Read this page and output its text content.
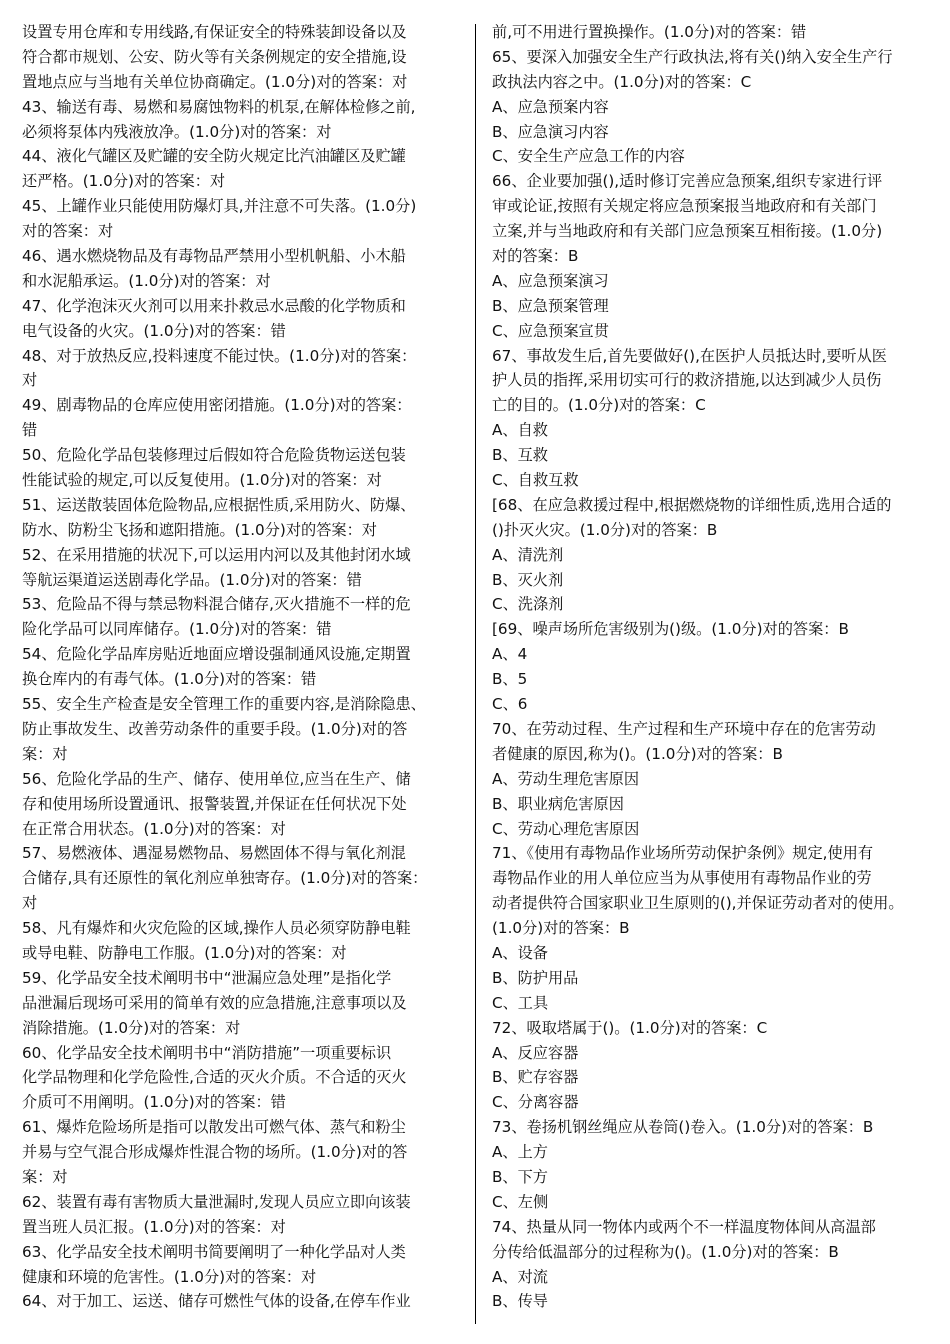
设置专用仓库和专用线路,有保证安全的特殊装卸设备以及
符合都市规划、公安、防火等有关条例规定的安全措施,设
置地点应与当地有关单位协商确定。(1.0分)对的答案：对
43、输送有毒、易燃和易腐蚀物料的机泵,在解体检修之前,
必须将泵体内残液放净。(1.0分)对的答案：对
44、液化气罐区及贮罐的安全防火规定比汽油罐区及贮罐
还严格。(1.0分)对的答案：对
45、上罐作业只能使用防爆灯具,并注意不可失落。(1.0分)
对的答案：对
46、遇水燃烧物品及有毒物品严禁用小型机帆船、小木船
和水泥船承运。(1.0分)对的答案：对
47、化学泡沫灭火剂可以用来扑救忌水忌酸的化学物质和
电气设备的火灾。(1.0分)对的答案：错
48、对于放热反应,投料速度不能过快。(1.0分)对的答案：
对
49、剧毒物品的仓库应使用密闭措施。(1.0分)对的答案：
错
50、危险化学品包装修理过后假如符合危险货物运送包装
性能试验的规定,可以反复使用。(1.0分)对的答案：对
51、运送散装固体危险物品,应根据性质,采用防火、防爆、
防水、防粉尘飞扬和遮阳措施。(1.0分)对的答案：对
52、在采用措施的状况下,可以运用内河以及其他封闭水域
等航运渠道运送剧毒化学品。(1.0分)对的答案：错
53、危险品不得与禁忌物料混合储存,灭火措施不一样的危
险化学品可以同库储存。(1.0分)对的答案：错
54、危险化学品库房贴近地面应增设强制通风设施,定期置
换仓库内的有毒气体。(1.0分)对的答案：错
55、安全生产检查是安全管理工作的重要内容,是消除隐患、
防止事故发生、改善劳动条件的重要手段。(1.0分)对的答
案：对
56、危险化学品的生产、储存、使用单位,应当在生产、储
存和使用场所设置通讯、报警装置,并保证在任何状况下处
在正常合用状态。(1.0分)对的答案：对
57、易燃液体、遇湿易燃物品、易燃固体不得与氧化剂混
合储存,具有还原性的氧化剂应单独寄存。(1.0分)对的答案：
对
58、凡有爆炸和火灾危险的区域,操作人员必须穿防静电鞋
或导电鞋、防静电工作服。(1.0分)对的答案：对
59、化学品安全技术阐明书中“泄漏应急处理”是指化学
品泄漏后现场可采用的简单有效的应急措施,注意事项以及
消除措施。(1.0分)对的答案：对
60、化学品安全技术阐明书中“消防措施”一项重要标识
化学品物理和化学危险性,合适的灭火介质。不合适的灭火
介质可不用阐明。(1.0分)对的答案：错
61、爆炸危险场所是指可以散发出可燃气体、蒸气和粉尘
并易与空气混合形成爆炸性混合物的场所。(1.0分)对的答
案：对
62、装置有毒有害物质大量泄漏时,发现人员应立即向该装
置当班人员汇报。(1.0分)对的答案：对
63、化学品安全技术阐明书简要阐明了一种化学品对人类
健康和环境的危害性。(1.0分)对的答案：对
64、对于加工、运送、储存可燃性气体的设备,在停车作业
前,可不用进行置换操作。(1.0分)对的答案：错
65、要深入加强安全生产行政执法,将有关()纳入安全生产行
政执法内容之中。(1.0分)对的答案：C
A、应急预案内容
B、应急演习内容
C、安全生产应急工作的内容
66、企业要加强(),适时修订完善应急预案,组织专家进行评
审或论证,按照有关规定将应急预案报当地政府和有关部门
立案,并与当地政府和有关部门应急预案互相衔接。(1.0分)
对的答案：B
A、应急预案演习
B、应急预案管理
C、应急预案宣贯
67、事故发生后,首先要做好(),在医护人员抵达时,要听从医
护人员的指挥,采用切实可行的救济措施,以达到减少人员伤
亡的目的。(1.0分)对的答案：C
A、自救
B、互救
C、自救互救
[68、在应急救援过程中,根据燃烧物的详细性质,选用合适的
()扑灭火灾。(1.0分)对的答案：B
A、清洗剂
B、灭火剂
C、洗涤剂
[69、噪声场所危害级别为()级。(1.0分)对的答案：B
A、4
B、5
C、6
70、在劳动过程、生产过程和生产环境中存在的危害劳动
者健康的原因,称为()。(1.0分)对的答案：B
A、劳动生理危害原因
B、职业病危害原因
C、劳动心理危害原因
71、《使用有毒物品作业场所劳动保护条例》规定,使用有
毒物品作业的用人单位应当为从事使用有毒物品作业的劳
动者提供符合国家职业卫生原则的(),并保证劳动者对的使用。
(1.0分)对的答案：B
A、设备
B、防护用品
C、工具
72、吸取塔属于()。(1.0分)对的答案：C
A、反应容器
B、贮存容器
C、分离容器
73、卷扬机钢丝绳应从卷筒()卷入。(1.0分)对的答案：B
A、上方
B、下方
C、左侧
74、热量从同一物体内或两个不一样温度物体间从高温部
分传给低温部分的过程称为()。(1.0分)对的答案：B
A、对流
B、传导
